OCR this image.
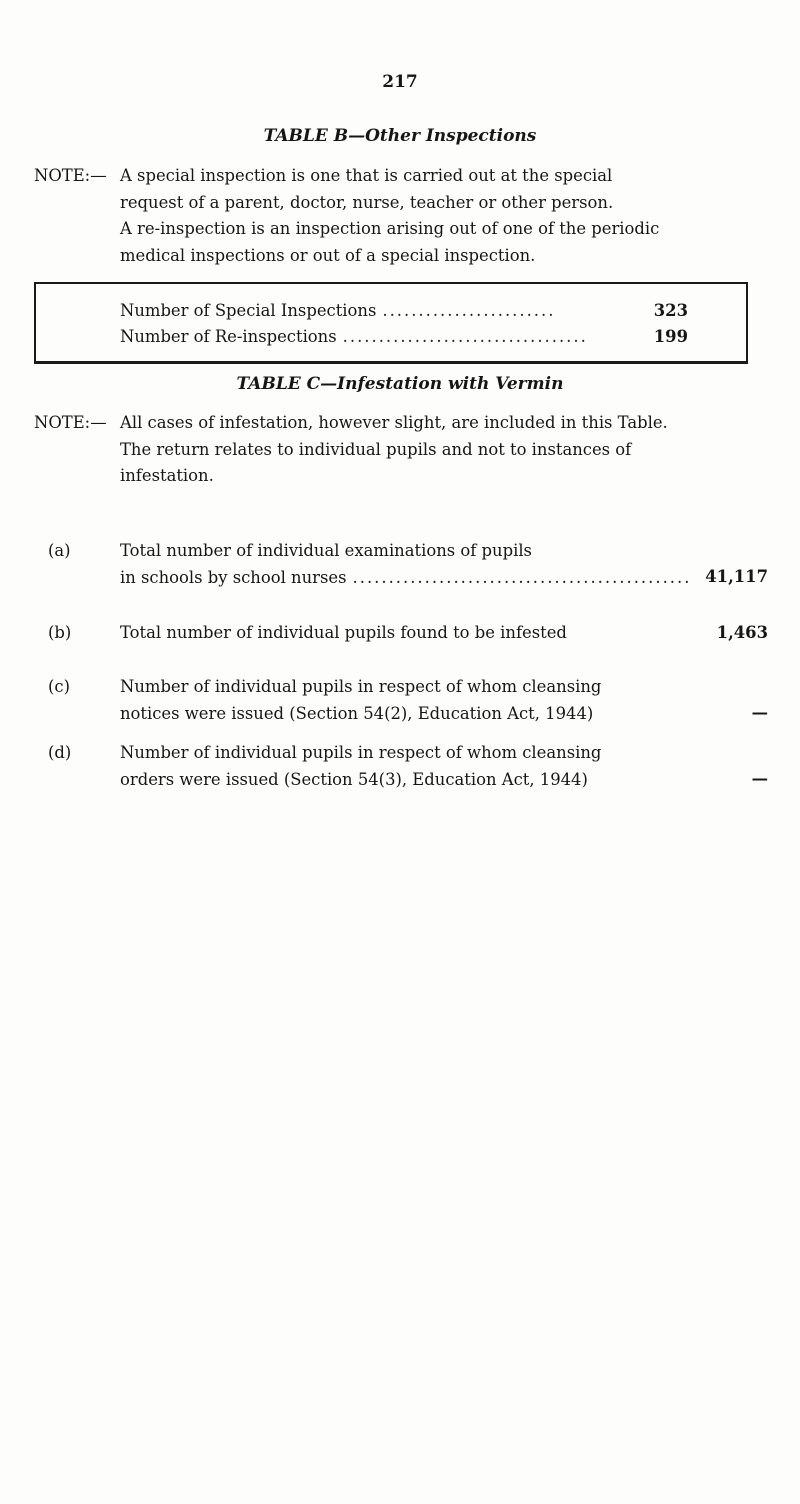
217
TABLE B—Other Inspections
NOTE:— A special inspection is one that is carried out at the special
request of a parent, doctor, nurse, teacher or other person.
A re-inspection is an inspection arising out of one of the periodic
medical inspections or out of a special inspection.
Number of Special Inspections ........................	323
Number of Re-inspections ..................................	199
TABLE C—Infestation with Vermin
NOTE:— All cases of infestation, however slight, are included in this Table.
The return relates to individual pupils and not to instances of
infestation.
(a)	Total number of individual examinations of pupils
in schools by school nurses ............................................... 41,117
(b)	Total number of individual pupils found to be infested	1,463
(c)	Number of individual pupils in respect of whom cleansing
notices were issued (Section 54(2), Education Act, 1944)	—
(d)	Number of individual pupils in respect of whom cleansing
orders were issued (Section 54(3), Education Act, 1944)	—
